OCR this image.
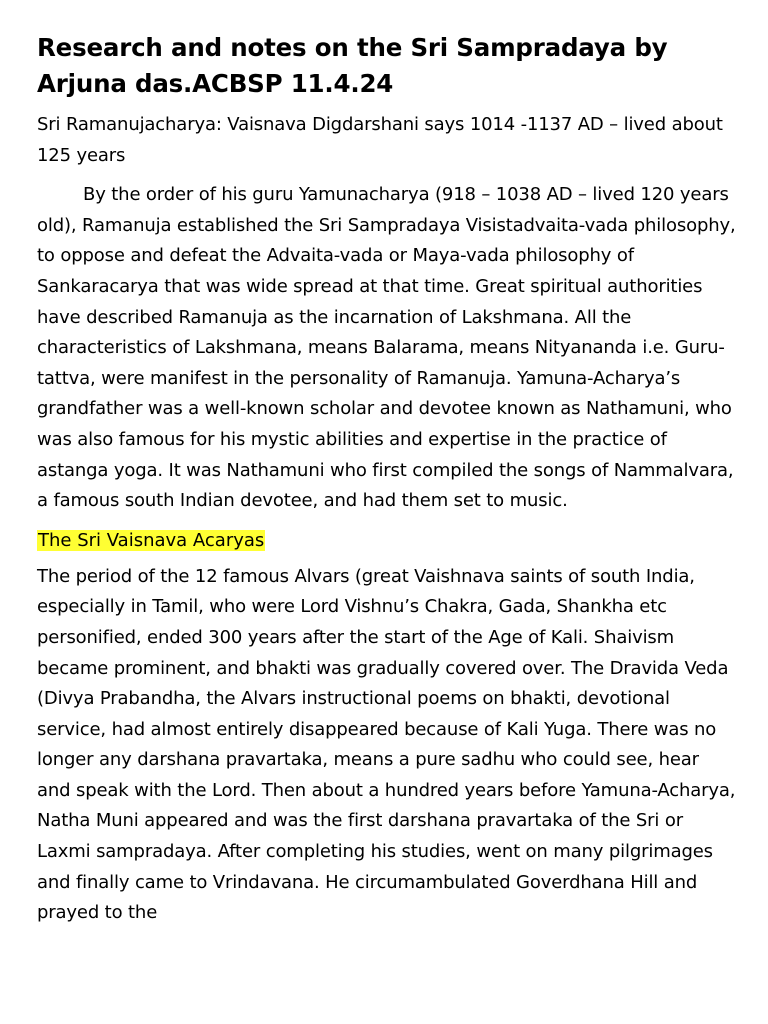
Research and notes on the Sri Sampradaya by Arjuna das.ACBSP 11.4.24

Sri Ramanujacharya: Vaisnava Digdarshani says 1014 -1137 AD – lived about 125 years

By the order of his guru Yamunacharya (918 – 1038 AD – lived 120 years old), Ramanuja established the Sri Sampradaya Visistadvaita-vada philosophy, to oppose and defeat the Advaita-vada or Maya-vada philosophy of Sankaracarya that was wide spread at that time. Great spiritual authorities have described Ramanuja as the incarnation of Lakshmana. All the characteristics of Lakshmana, means Balarama, means Nityananda i.e. Guru-tattva, were manifest in the personality of Ramanuja. Yamuna-Acharya’s grandfather was a well-known scholar and devotee known as Nathamuni, who was also famous for his mystic abilities and expertise in the practice of astanga yoga. It was Nathamuni who first compiled the songs of Nammalvara, a famous south Indian devotee, and had them set to music.

The Sri Vaisnava Acaryas

The period of the 12 famous Alvars (great Vaishnava saints of south India, especially in Tamil, who were Lord Vishnu’s Chakra, Gada, Shankha etc personified, ended 300 years after the start of the Age of Kali. Shaivism became prominent, and bhakti was gradually covered over. The Dravida Veda (Divya Prabandha, the Alvars instructional poems on bhakti, devotional service, had almost entirely disappeared because of Kali Yuga. There was no longer any darshana pravartaka, means a pure sadhu who could see, hear and speak with the Lord. Then about a hundred years before Yamuna-Acharya, Natha Muni appeared and was the first darshana pravartaka of the Sri or Laxmi sampradaya. After completing his studies, went on many pilgrimages and finally came to Vrindavana. He circumambulated Goverdhana Hill and prayed to the
